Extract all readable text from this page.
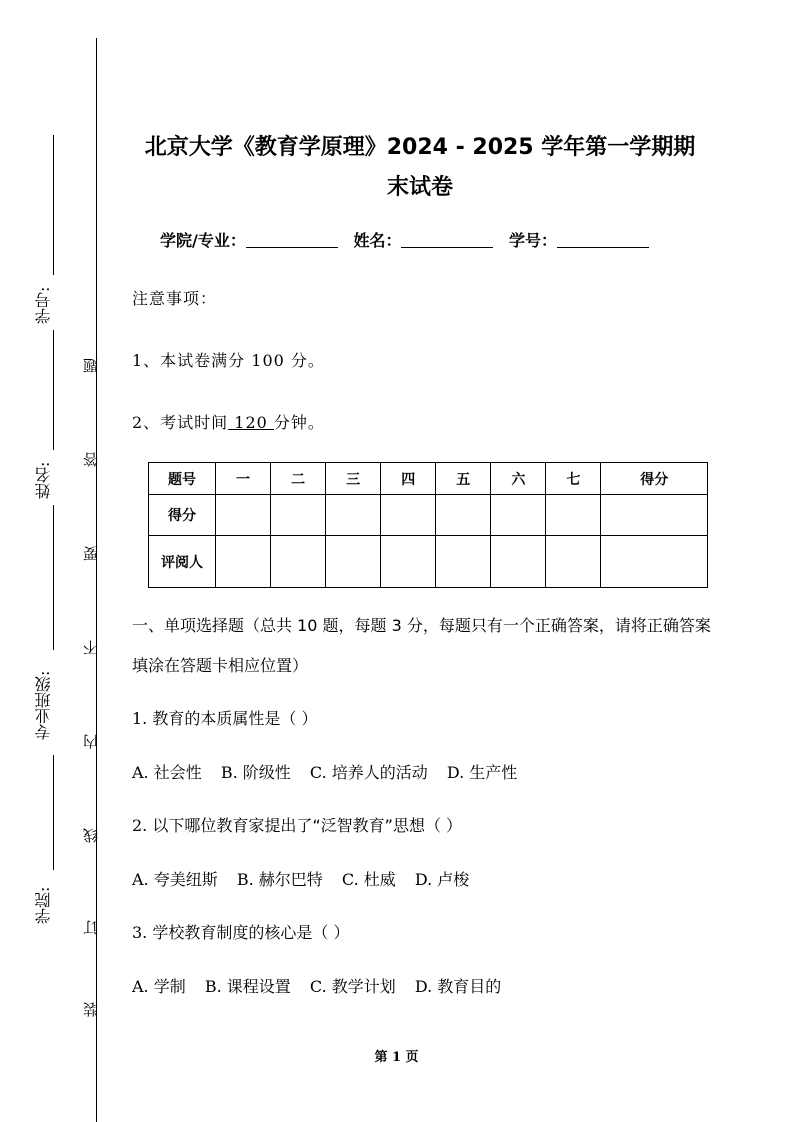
学号:
姓名:
专业班级:
学院:
题
答
要
不
内
线
订
装
北京大学《教育学原理》2024 - 2025 学年第一学期期
末试卷
学院/专业：	姓名：	学号：
注意事项：
1、本试卷满分 100 分。
2、考试时间 120 分钟。
题号	一	二	三	四	五	六	七	得分
得分								
评阅人								
一、单项选择题（总共 10 题，每题 3 分，每题只有一个正确答案，请将正确答案填涂在答题卡相应位置）
1. 教育的本质属性是（ ）
A. 社会性 B. 阶级性 C. 培养人的活动 D. 生产性
2. 以下哪位教育家提出了“泛智教育”思想（ ）
A. 夸美纽斯 B. 赫尔巴特 C. 杜威 D. 卢梭
3. 学校教育制度的核心是（ ）
A. 学制 B. 课程设置 C. 教学计划 D. 教育目的
第 1 页
